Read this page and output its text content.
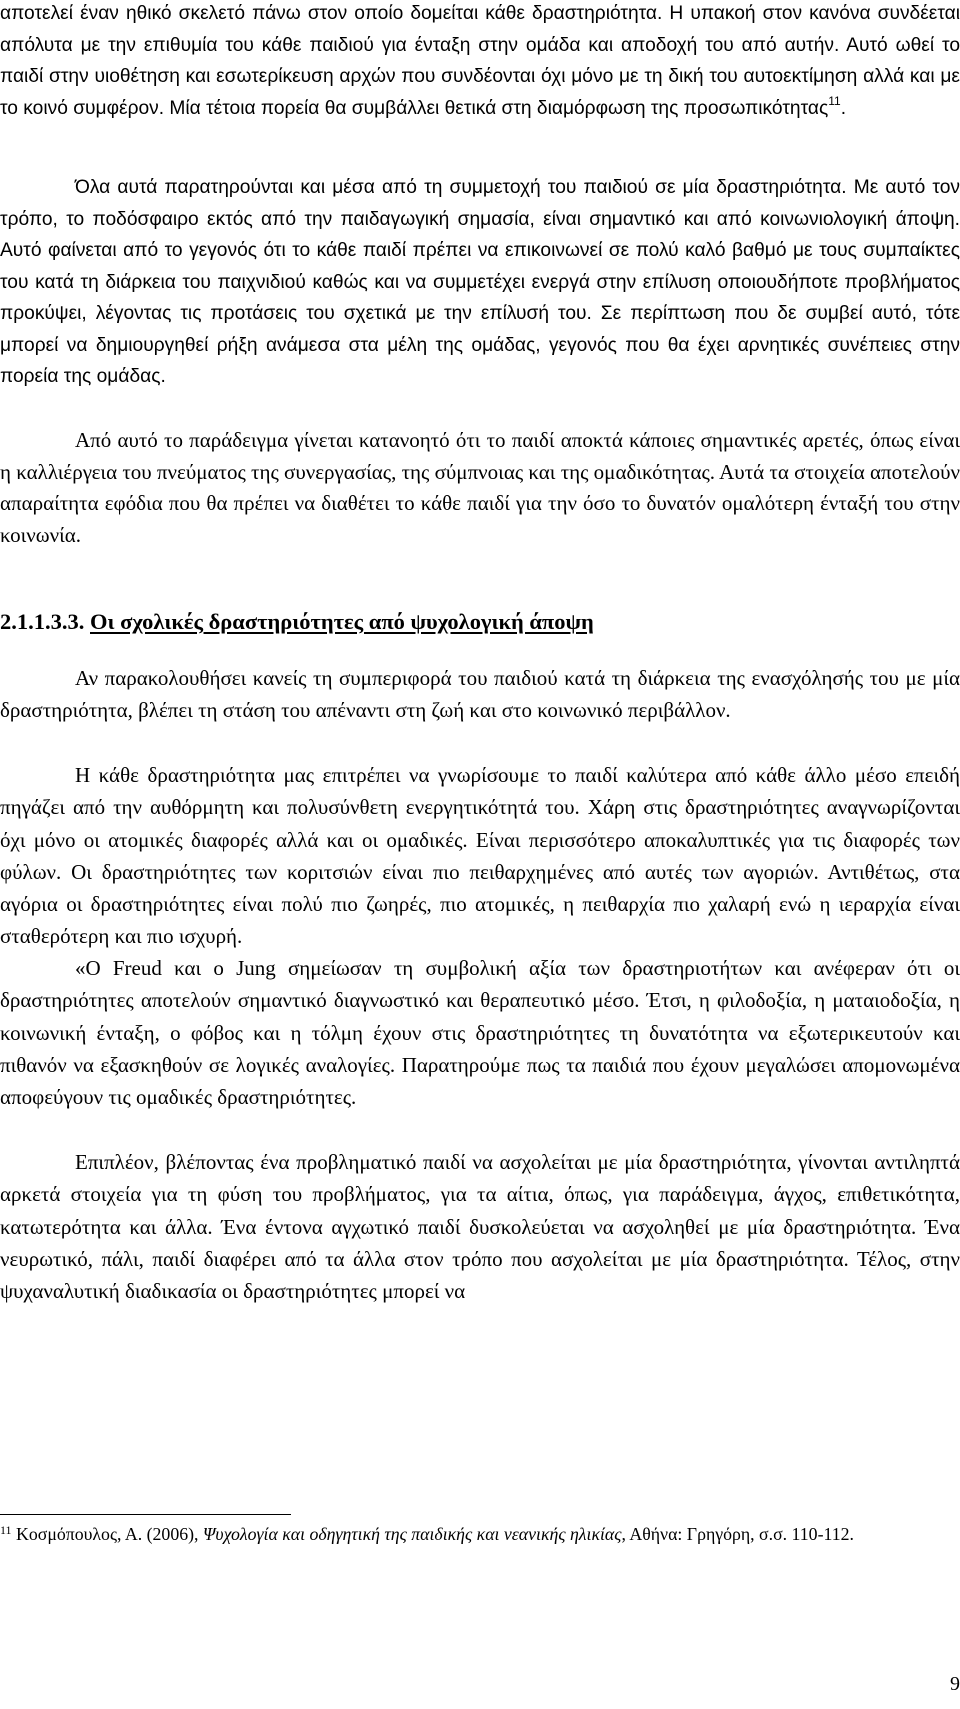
αποτελεί έναν ηθικό σκελετό πάνω στον οποίο δομείται κάθε δραστηριότητα. Η υπακοή στον κανόνα συνδέεται απόλυτα με την επιθυμία του κάθε παιδιού για ένταξη στην ομάδα και αποδοχή του από αυτήν. Αυτό ωθεί το παιδί στην υιοθέτηση και εσωτερίκευση αρχών που συνδέονται όχι μόνο με τη δική του αυτοεκτίμηση αλλά και με το κοινό συμφέρον. Μία τέτοια πορεία θα συμβάλλει θετικά στη διαμόρφωση της προσωπικότητας$^{11}$.

Όλα αυτά παρατηρούνται και μέσα από τη συμμετοχή του παιδιού σε μία δραστηριότητα. Με αυτό τον τρόπο, το ποδόσφαιρο εκτός από την παιδαγωγική σημασία, είναι σημαντικό και από κοινωνιολογική άποψη. Αυτό φαίνεται από το γεγονός ότι το κάθε παιδί πρέπει να επικοινωνεί σε πολύ καλό βαθμό με τους συμπαίκτες του κατά τη διάρκεια του παιχνιδιού καθώς και να συμμετέχει ενεργά στην επίλυση οποιουδήποτε προβλήματος προκύψει, λέγοντας τις προτάσεις του σχετικά με την επίλυσή του. Σε περίπτωση που δε συμβεί αυτό, τότε μπορεί να δημιουργηθεί ρήξη ανάμεσα στα μέλη της ομάδας, γεγονός που θα έχει αρνητικές συνέπειες στην πορεία της ομάδας.

Από αυτό το παράδειγμα γίνεται κατανοητό ότι το παιδί αποκτά κάποιες σημαντικές αρετές, όπως είναι η καλλιέργεια του πνεύματος της συνεργασίας, της σύμπνοιας και της ομαδικότητας. Αυτά τα στοιχεία αποτελούν απαραίτητα εφόδια που θα πρέπει να διαθέτει το κάθε παιδί για την όσο το δυνατόν ομαλότερη ένταξή του στην κοινωνία.

2.1.1.3.3. Οι σχολικές δραστηριότητες από ψυχολογική άποψη

Αν παρακολουθήσει κανείς τη συμπεριφορά του παιδιού κατά τη διάρκεια της ενασχόλησής του με μία δραστηριότητα, βλέπει τη στάση του απέναντι στη ζωή και στο κοινωνικό περιβάλλον.

Η κάθε δραστηριότητα μας επιτρέπει να γνωρίσουμε το παιδί καλύτερα από κάθε άλλο μέσο επειδή πηγάζει από την αυθόρμητη και πολυσύνθετη ενεργητικότητά του. Χάρη στις δραστηριότητες αναγνωρίζονται όχι μόνο οι ατομικές διαφορές αλλά και οι ομαδικές. Είναι περισσότερο αποκαλυπτικές για τις διαφορές των φύλων. Οι δραστηριότητες των κοριτσιών είναι πιο πειθαρχημένες από αυτές των αγοριών. Αντιθέτως, στα αγόρια οι δραστηριότητες είναι πολύ πιο ζωηρές, πιο ατομικές, η πειθαρχία πιο χαλαρή ενώ η ιεραρχία είναι σταθερότερη και πιο ισχυρή.

«Ο Freud και ο Jung σημείωσαν τη συμβολική αξία των δραστηριοτήτων και ανέφεραν ότι οι δραστηριότητες αποτελούν σημαντικό διαγνωστικό και θεραπευτικό μέσο. Έτσι, η φιλοδοξία, η ματαιοδοξία, η κοινωνική ένταξη, ο φόβος και η τόλμη έχουν στις δραστηριότητες τη δυνατότητα να εξωτερικευτούν και πιθανόν να εξασκηθούν σε λογικές αναλογίες. Παρατηρούμε πως τα παιδιά που έχουν μεγαλώσει απομονωμένα αποφεύγουν τις ομαδικές δραστηριότητες.

Επιπλέον, βλέποντας ένα προβληματικό παιδί να ασχολείται με μία δραστηριότητα, γίνονται αντιληπτά αρκετά στοιχεία για τη φύση του προβλήματος, για τα αίτια, όπως, για παράδειγμα, άγχος, επιθετικότητα, κατωτερότητα και άλλα. Ένα έντονα αγχωτικό παιδί δυσκολεύεται να ασχοληθεί με μία δραστηριότητα. Ένα νευρωτικό, πάλι, παιδί διαφέρει από τα άλλα στον τρόπο που ασχολείται με μία δραστηριότητα. Τέλος, στην ψυχαναλυτική διαδικασία οι δραστηριότητες μπορεί να

$^{11}$ Κοσμόπουλος, Α. (2006), Ψυχολογία και οδηγητική της παιδικής και νεανικής ηλικίας, Αθήνα: Γρηγόρη, σ.σ. 110-112.

9
